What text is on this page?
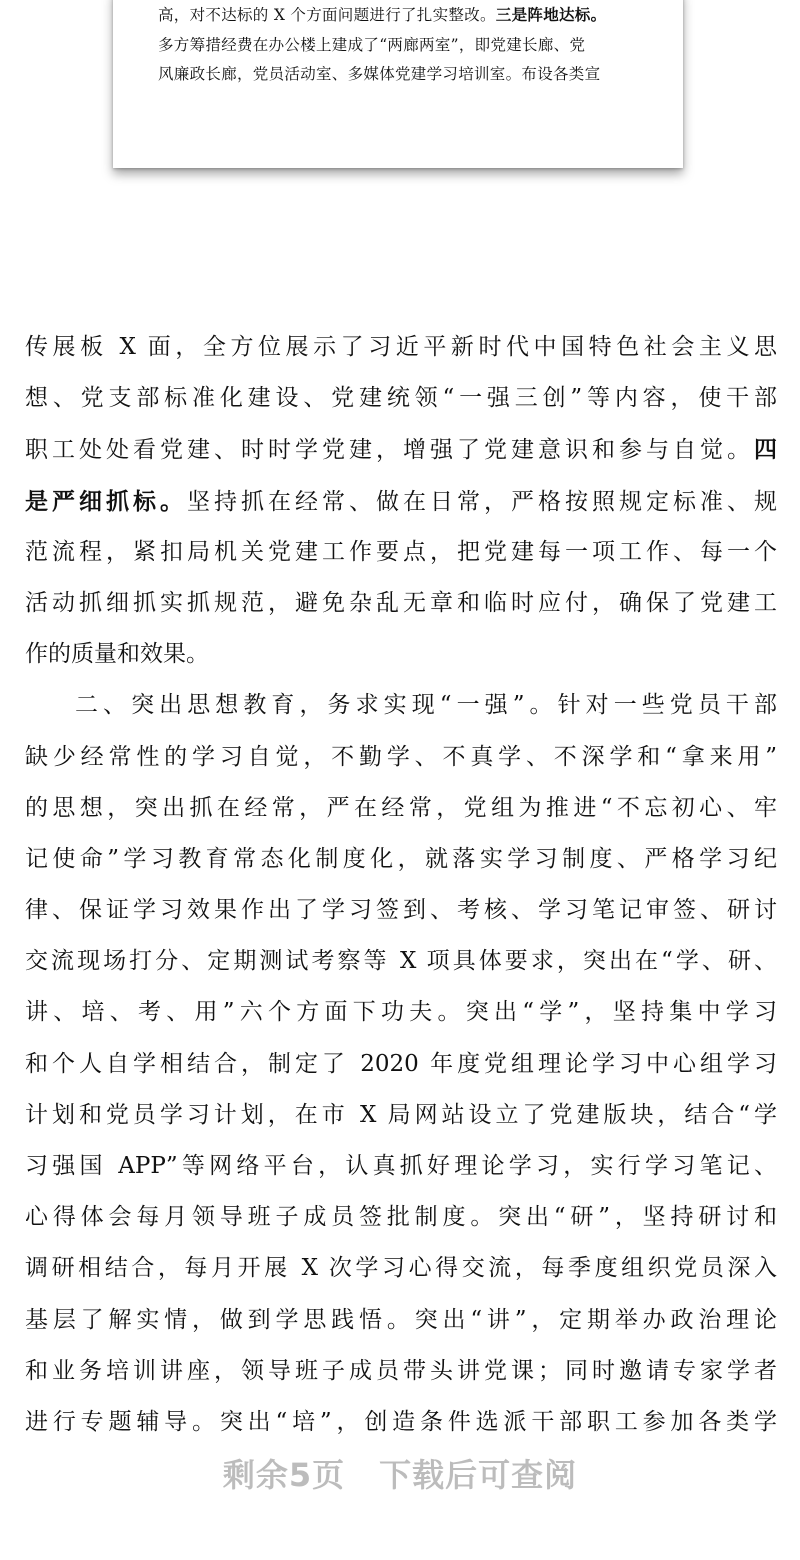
高，对不达标的 X 个方面问题进行了扎实整改。三是阵地达标。

多方筹措经费在办公楼上建成了“两廊两室”，即党建长廊、党

风廉政长廊，党员活动室、多媒体党建学习培训室。布设各类宣

传展板 X 面，全方位展示了习近平新时代中国特色社会主义思
想、党支部标准化建设、党建统领“一强三创”等内容，使干部
职工处处看党建、时时学党建，增强了党建意识和参与自觉。四
是严细抓标。坚持抓在经常、做在日常，严格按照规定标准、规
范流程，紧扣局机关党建工作要点，把党建每一项工作、每一个
活动抓细抓实抓规范，避免杂乱无章和临时应付，确保了党建工
作的质量和效果。
二、突出思想教育，务求实现“一强”。针对一些党员干部
缺少经常性的学习自觉，不勤学、不真学、不深学和“拿来用”
的思想，突出抓在经常，严在经常，党组为推进“不忘初心、牢
记使命”学习教育常态化制度化，就落实学习制度、严格学习纪
律、保证学习效果作出了学习签到、考核、学习笔记审签、研讨
交流现场打分、定期测试考察等 X 项具体要求，突出在“学、研、
讲、培、考、用”六个方面下功夫。突出“学”，坚持集中学习
和个人自学相结合，制定了 2020 年度党组理论学习中心组学习
计划和党员学习计划，在市 X 局网站设立了党建版块，结合“学
习强国 APP”等网络平台，认真抓好理论学习，实行学习笔记、
心得体会每月领导班子成员签批制度。突出“研”，坚持研讨和
调研相结合，每月开展 X 次学习心得交流，每季度组织党员深入
基层了解实情，做到学思践悟。突出“讲”，定期举办政治理论
和业务培训讲座，领导班子成员带头讲党课；同时邀请专家学者
进行专题辅导。突出“培”，创造条件选派干部职工参加各类学
剩余5页 下载后可查阅
